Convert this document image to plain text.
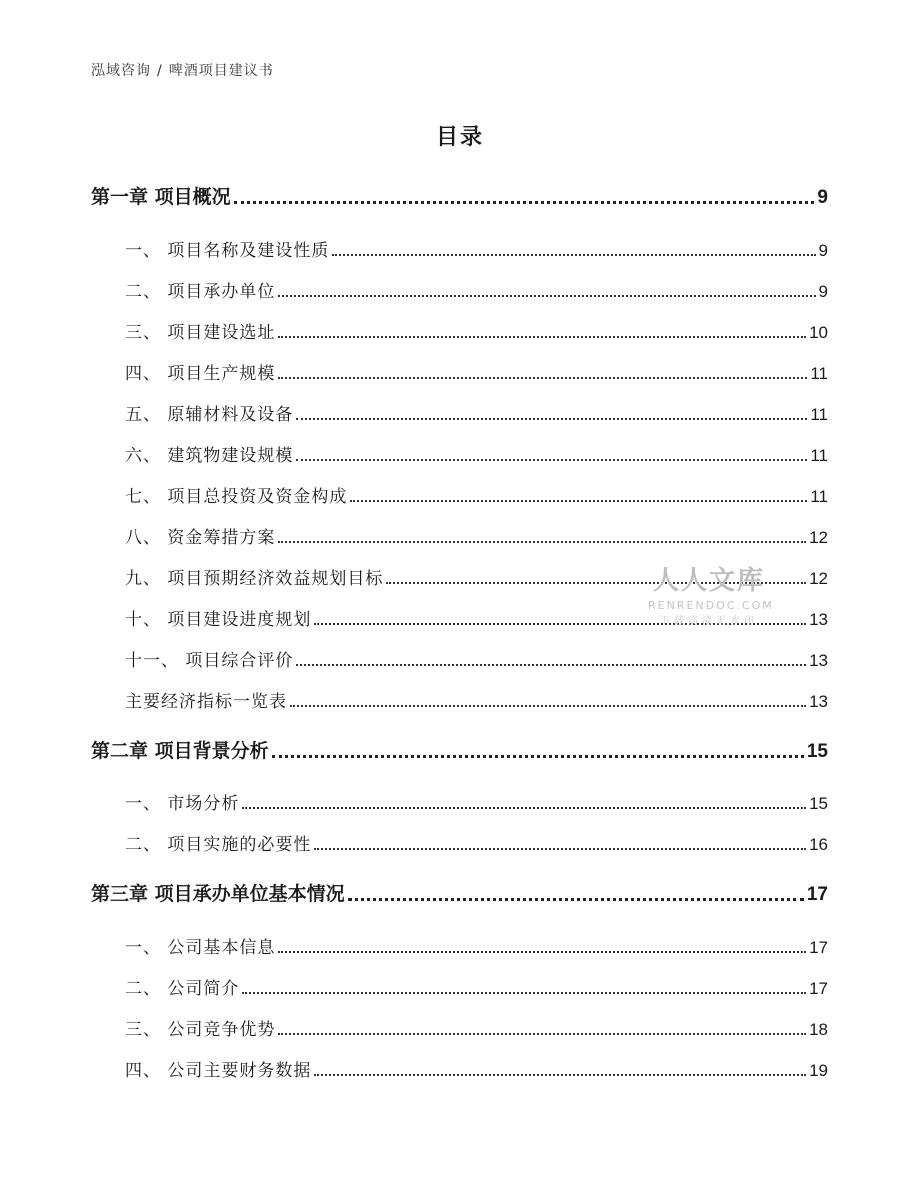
泓域咨询 / 啤酒项目建议书
目录
第一章 项目概况	9
一、 项目名称及建设性质	9
二、 项目承办单位	9
三、 项目建设选址	10
四、 项目生产规模	11
五、 原辅材料及设备	11
六、 建筑物建设规模	11
七、 项目总投资及资金构成	11
八、 资金筹措方案	12
九、 项目预期经济效益规划目标	12
十、 项目建设进度规划	13
十一、 项目综合评价	13
主要经济指标一览表	13
第二章 项目背景分析	15
一、 市场分析	15
二、 项目实施的必要性	16
第三章 项目承办单位基本情况	17
一、 公司基本信息	17
二、 公司简介	17
三、 公司竞争优势	18
四、 公司主要财务数据	19
人人文库
RENRENDOC.COM
下载高清无水印
